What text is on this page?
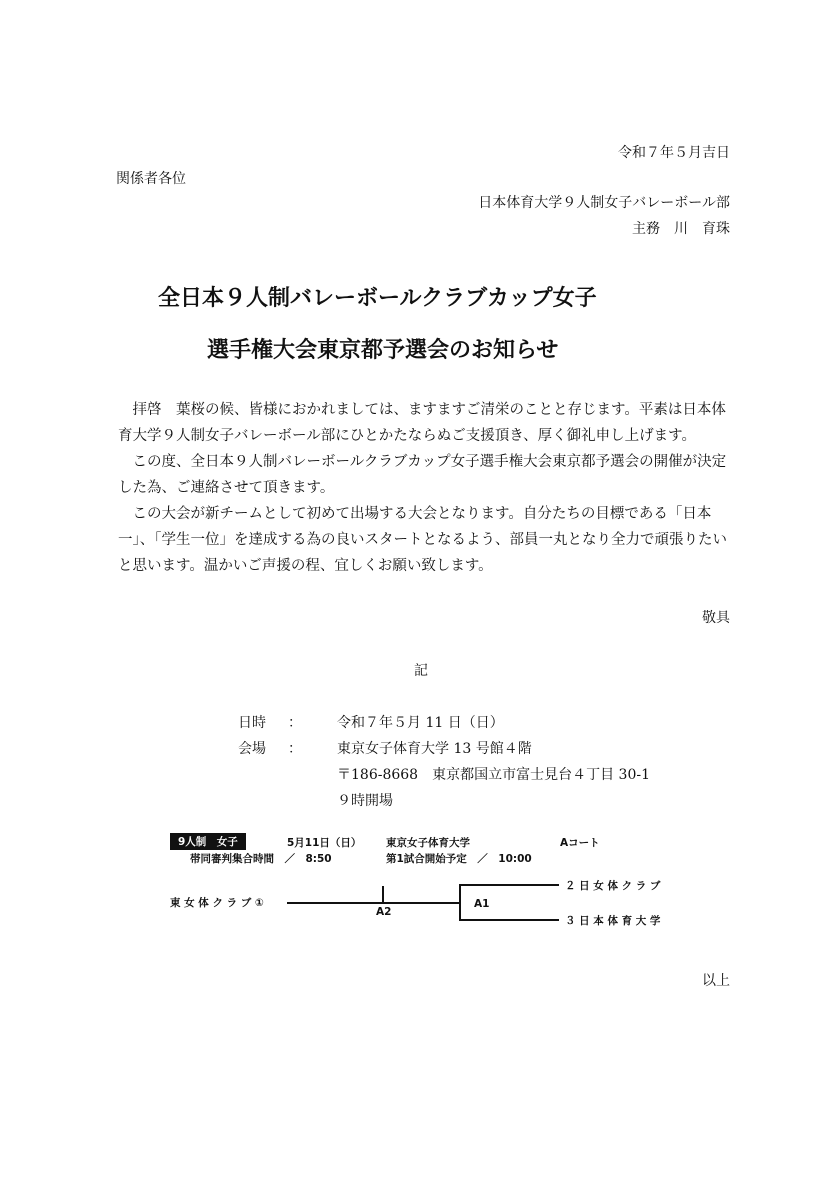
令和７年５月吉日
関係者各位
日本体育大学９人制女子バレーボール部
主務　川　育珠
全日本９人制バレーボールクラブカップ女子
選手権大会東京都予選会のお知らせ

　拝啓　葉桜の候、皆様におかれましては、ますますご清栄のことと存じます。平素は日本体育大学９人制女子バレーボール部にひとかたならぬご支援頂き、厚く御礼申し上げます。

　この度、全日本９人制バレーボールクラブカップ女子選手権大会東京都予選会の開催が決定した為、ご連絡させて頂きます。

　この大会が新チームとして初めて出場する大会となります。自分たちの目標である「日本一」、「学生一位」を達成する為の良いスタートとなるよう、部員一丸となり全力で頑張りたいと思います。温かいご声援の程、宜しくお願い致します。

敬具
記
日時 ：	令和７年５月 11 日（日）
会場 ：	東京女子体育大学 13 号館４階
〒186-8668　東京都国立市富士見台４丁目 30-1
９時開場
9人制　女子	5月11日（日） 東京女子体育大学	Aコート
帯同審判集合時間　／　8:50	第1試合開始予定　／　10:00
東 女 体 ク ラ ブ ①
２ 日 女 体 ク ラ ブ
３ 日 本 体 育 大 学
A2
A1
以上
